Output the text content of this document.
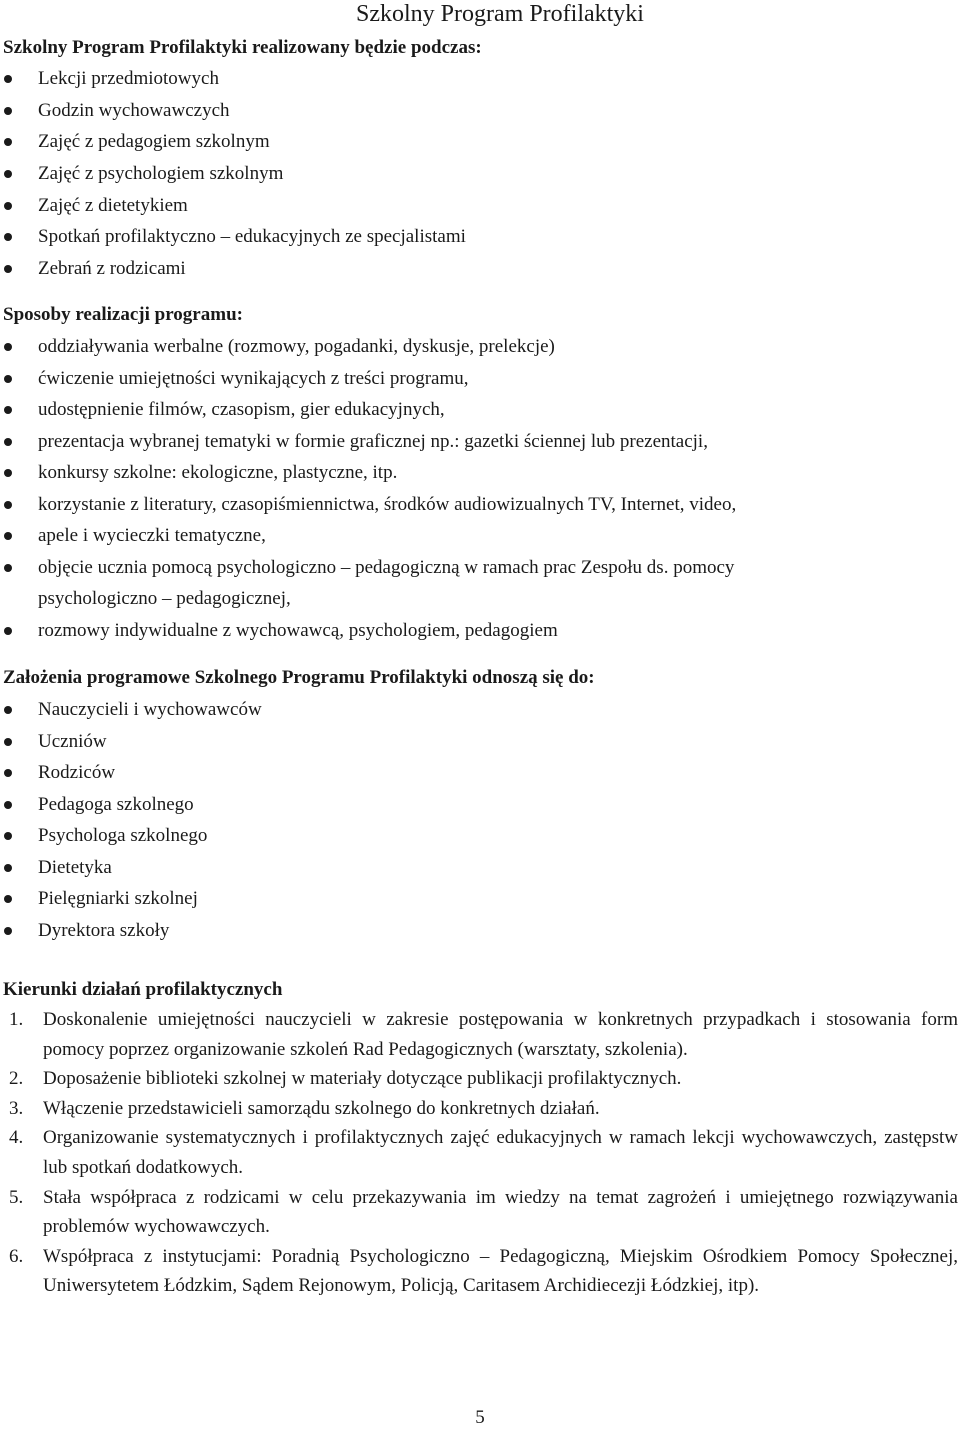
Szkolny Program Profilaktyki

Szkolny Program Profilaktyki realizowany będzie podczas:

Lekcji przedmiotowych
Godzin wychowawczych
Zajęć z pedagogiem szkolnym
Zajęć z psychologiem szkolnym
Zajęć z dietetykiem
Spotkań profilaktyczno – edukacyjnych ze specjalistami
Zebrań z rodzicami

Sposoby realizacji programu:

oddziaływania werbalne (rozmowy, pogadanki, dyskusje, prelekcje)
ćwiczenie umiejętności wynikających z treści programu,
udostępnienie filmów, czasopism, gier edukacyjnych,
prezentacja wybranej tematyki w formie graficznej np.: gazetki ściennej lub prezentacji,
konkursy szkolne: ekologiczne, plastyczne, itp.
korzystanie z literatury, czasopiśmiennictwa, środków audiowizualnych TV, Internet, video,
apele i wycieczki tematyczne,
objęcie ucznia pomocą psychologiczno – pedagogiczną w ramach prac Zespołu ds. pomocy
psychologiczno – pedagogicznej,
rozmowy indywidualne z wychowawcą, psychologiem, pedagogiem

Założenia programowe Szkolnego Programu Profilaktyki odnoszą się do:

Nauczycieli i wychowawców
Uczniów
Rodziców
Pedagoga szkolnego
Psychologa szkolnego
Dietetyka
Pielęgniarki szkolnej
Dyrektora szkoły

Kierunki działań profilaktycznych

1. Doskonalenie umiejętności nauczycieli w zakresie postępowania w konkretnych przypadkach i stosowania form pomocy poprzez organizowanie szkoleń Rad Pedagogicznych (warsztaty, szkolenia).
2. Doposażenie biblioteki szkolnej w materiały dotyczące publikacji profilaktycznych.
3. Włączenie przedstawicieli samorządu szkolnego do konkretnych działań.
4. Organizowanie systematycznych i profilaktycznych zajęć edukacyjnych w ramach lekcji wychowawczych, zastępstw lub spotkań dodatkowych.
5. Stała współpraca z rodzicami w celu przekazywania im wiedzy na temat zagrożeń i umiejętnego rozwiązywania problemów wychowawczych.
6. Współpraca z instytucjami: Poradnią Psychologiczno – Pedagogiczną, Miejskim Ośrodkiem Pomocy Społecznej, Uniwersytetem Łódzkim, Sądem Rejonowym, Policją, Caritasem Archidiecezji Łódzkiej, itp).
5
